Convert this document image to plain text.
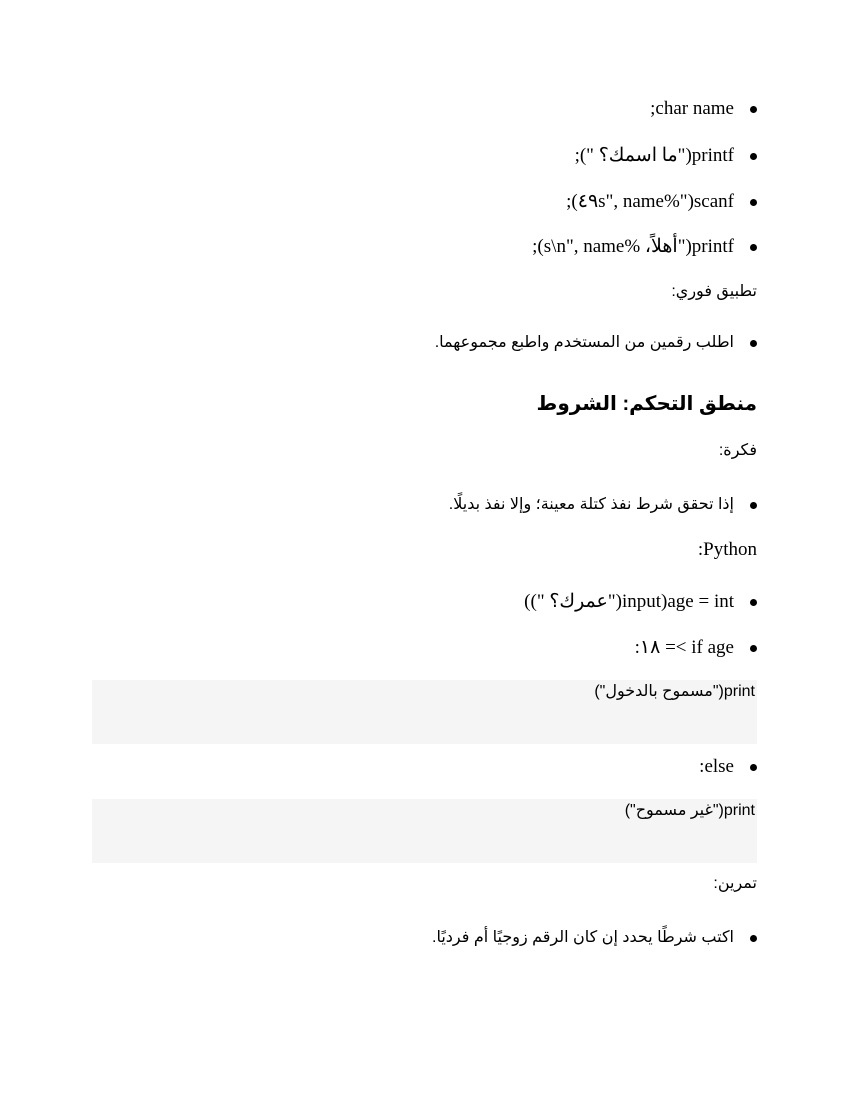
char name;
printf("ما اسمك؟ ");
scanf("%٤٩s", name);
printf("أهلاً، %s\n", name);
تطبيق فوري:
اطلب رقمين من المستخدم واطبع مجموعهما.
منطق التحكم: الشروط
فكرة:
إذا تحقق شرط نفذ كتلة معينة؛ وإلا نفذ بديلًا.
Python:
age = int(input("عمرك؟ "))
if age >= ١٨:
print("مسموح بالدخول")
else:
print("غير مسموح")
تمرين:
اكتب شرطًا يحدد إن كان الرقم زوجيًا أم فرديًا.
